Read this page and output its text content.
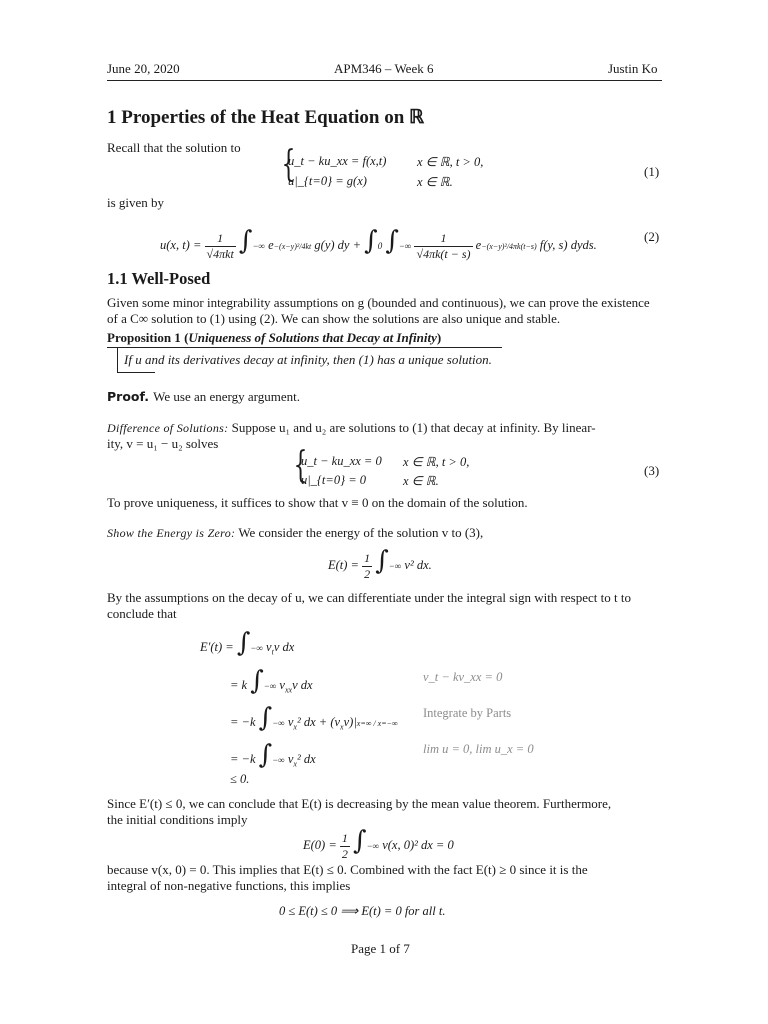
June 20, 2020	APM346 – Week 6	Justin Ko
1 Properties of the Heat Equation on ℝ
Recall that the solution to {
u_t − ku_xx = f(x,t) x ∈ ℝ, t > 0,
u|_{t=0} = g(x)	x ∈ ℝ.
(1)
is given by
u(x, $t) = \frac{1}{\text{√4πkt}}$ ∫−∞ e−(x−y)²/4kt g(y) dy + ∫0 ∫−∞ $\frac{1}{√4\pi k(t - s)} e-(x-y)^2/4\pi k(t-s)$ f(y, s) dyds.
(2)
1.1 Well-Posed
Given some minor integrability assumptions on g (bounded and continuous), we can prove the existence
of a C∞ solution to (1) using (2). We can show the solutions are also unique and stable.
Proposition 1 (Uniqueness of Solutions that Decay at Infinity)
If u and its derivatives decay at infinity, then (1) has a unique solution.
Proof. We use an energy argument.
Difference of Solutions: Suppose u₁ and u₂ are solutions to (1) that decay at infinity. By linear-
ity, v = u₁ − u₂ solves
{
u_t − ku_xx = 0 x ∈ ℝ, t > 0,
u|_{t=0} = 0	x ∈ ℝ.
(3)
To prove uniqueness, it suffices to show that v ≡ 0 on the domain of the solution.
Show the Energy is Zero: We consider the energy of the solution v to (3),
$E(t) = \frac{1}{2}$ ∫−∞ v² dx.
By the assumptions on the decay of u, we can differentiate under the integral sign with respect to t to
conclude that
E′(t) = ∫−∞ $v_tv$ dx
= k ∫−∞ $v_{xx}v$ dx
v_t − kv_xx = 0
= −k ∫−∞ $v_x^2$ dx + $(v_xv)|x=\infty / x=-\infty$
Integrate by Parts
= −k ∫−∞ $v_x^2$ dx
lim u = 0, lim u_x = 0
≤ 0.
Since E′(t) ≤ 0, we can conclude that E(t) is decreasing by the mean value theorem. Furthermore,
the initial conditions imply
$E(0) = \frac{1}{2}$ ∫−∞ v(x, 0)² dx = 0
because v(x, 0) = 0. This implies that E(t) ≤ 0. Combined with the fact E(t) ≥ 0 since it is the
integral of non-negative functions, this implies
0 ≤ E(t) ≤ 0 ⟹ E(t) = 0 for all t.
Page 1 of 7
